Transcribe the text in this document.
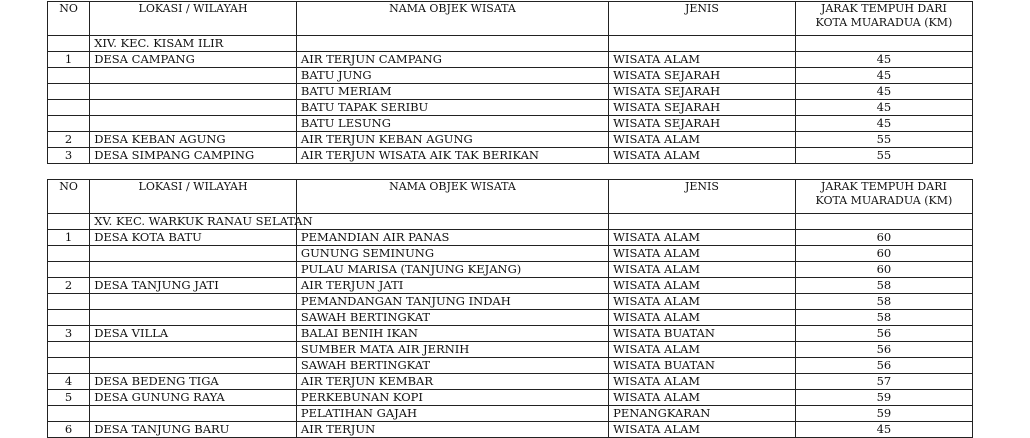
NO	LOKASI / WILAYAH	NAMA OBJEK WISATA	JENIS	JARAK TEMPUH DARI
KOTA MUARADUA (KM)
	XIV. KEC. KISAM ILIR			
1	DESA CAMPANG	AIR TERJUN CAMPANG	WISATA ALAM	45
		BATU JUNG	WISATA SEJARAH	45
		BATU MERIAM	WISATA SEJARAH	45
		BATU TAPAK SERIBU	WISATA SEJARAH	45
		BATU LESUNG	WISATA SEJARAH	45
2	DESA KEBAN AGUNG	AIR TERJUN KEBAN AGUNG	WISATA ALAM	55
3	DESA SIMPANG CAMPING	AIR TERJUN WISATA AIK TAK BERIKAN	WISATA ALAM	55
NO	LOKASI / WILAYAH	NAMA OBJEK WISATA	JENIS	JARAK TEMPUH DARI
KOTA MUARADUA (KM)
	XV. KEC. WARKUK RANAU SELATAN			
1	DESA KOTA BATU	PEMANDIAN AIR PANAS	WISATA ALAM	60
		GUNUNG SEMINUNG	WISATA ALAM	60
		PULAU MARISA (TANJUNG KEJANG)	WISATA ALAM	60
2	DESA TANJUNG JATI	AIR TERJUN JATI	WISATA ALAM	58
		PEMANDANGAN TANJUNG INDAH	WISATA ALAM	58
		SAWAH BERTINGKAT	WISATA ALAM	58
3	DESA VILLA	BALAI BENIH IKAN	WISATA BUATAN	56
		SUMBER MATA AIR JERNIH	WISATA ALAM	56
		SAWAH BERTINGKAT	WISATA BUATAN	56
4	DESA BEDENG TIGA	AIR TERJUN KEMBAR	WISATA ALAM	57
5	DESA GUNUNG RAYA	PERKEBUNAN KOPI	WISATA ALAM	59
		PELATIHAN GAJAH	PENANGKARAN	59
6	DESA TANJUNG BARU	AIR TERJUN	WISATA ALAM	45
